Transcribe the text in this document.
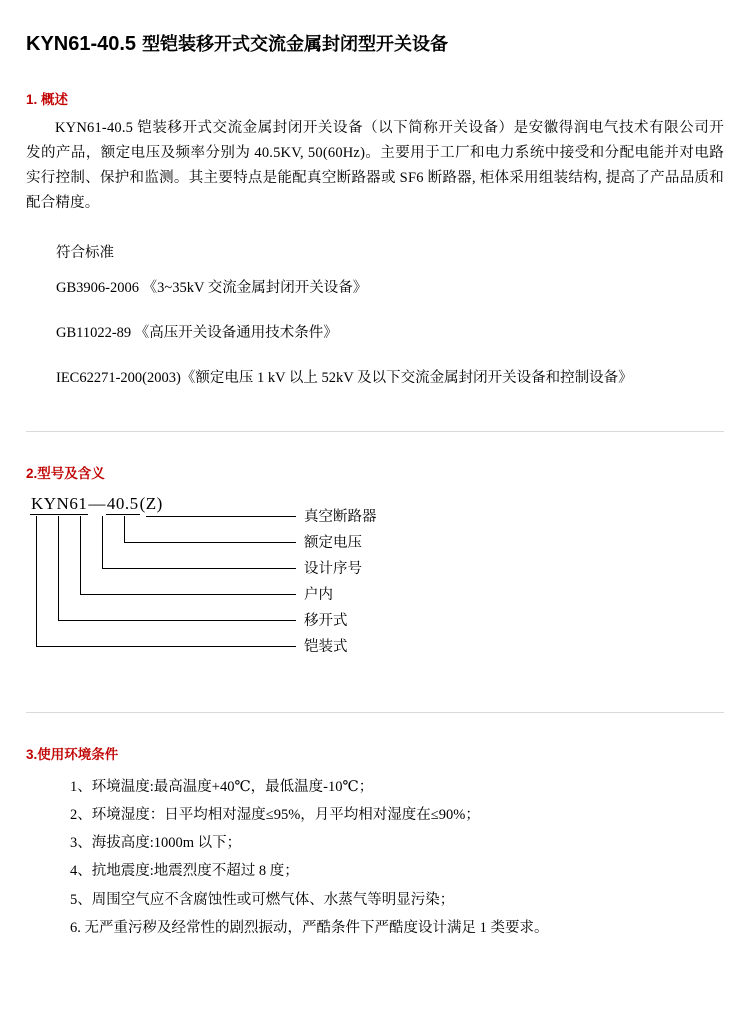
KYN61-40.5 型铠装移开式交流金属封闭型开关设备
1. 概述

KYN61-40.5 铠装移开式交流金属封闭开关设备（以下简称开关设备）是安徽得润电气技术有限公司开发的产品，额定电压及频率分别为 40.5KV, 50(60Hz)。主要用于工厂和电力系统中接受和分配电能并对电路实行控制、保护和监测。其主要特点是能配真空断路器或 SF6 断路器, 柜体采用组装结构, 提高了产品品质和配合精度。

符合标准
GB3906-2006 《3~35kV 交流金属封闭开关设备》
GB11022-89 《高压开关设备通用技术条件》
IEC62271-200(2003)《额定电压 1 kV 以上 52kV 及以下交流金属封闭开关设备和控制设备》
2.型号及含义
KYN61—40.5(Z)
真空断路器
额定电压
设计序号
户内
移开式
铠装式
3.使用环境条件
1、环境温度:最高温度+40℃，最低温度-10℃；
2、环境湿度：日平均相对湿度≤95%，月平均相对湿度在≤90%；
3、海拔高度:1000m 以下；
4、抗地震度:地震烈度不超过 8 度；
5、周围空气应不含腐蚀性或可燃气体、水蒸气等明显污染；
6. 无严重污秽及经常性的剧烈振动，严酷条件下严酷度设计满足 1 类要求。
